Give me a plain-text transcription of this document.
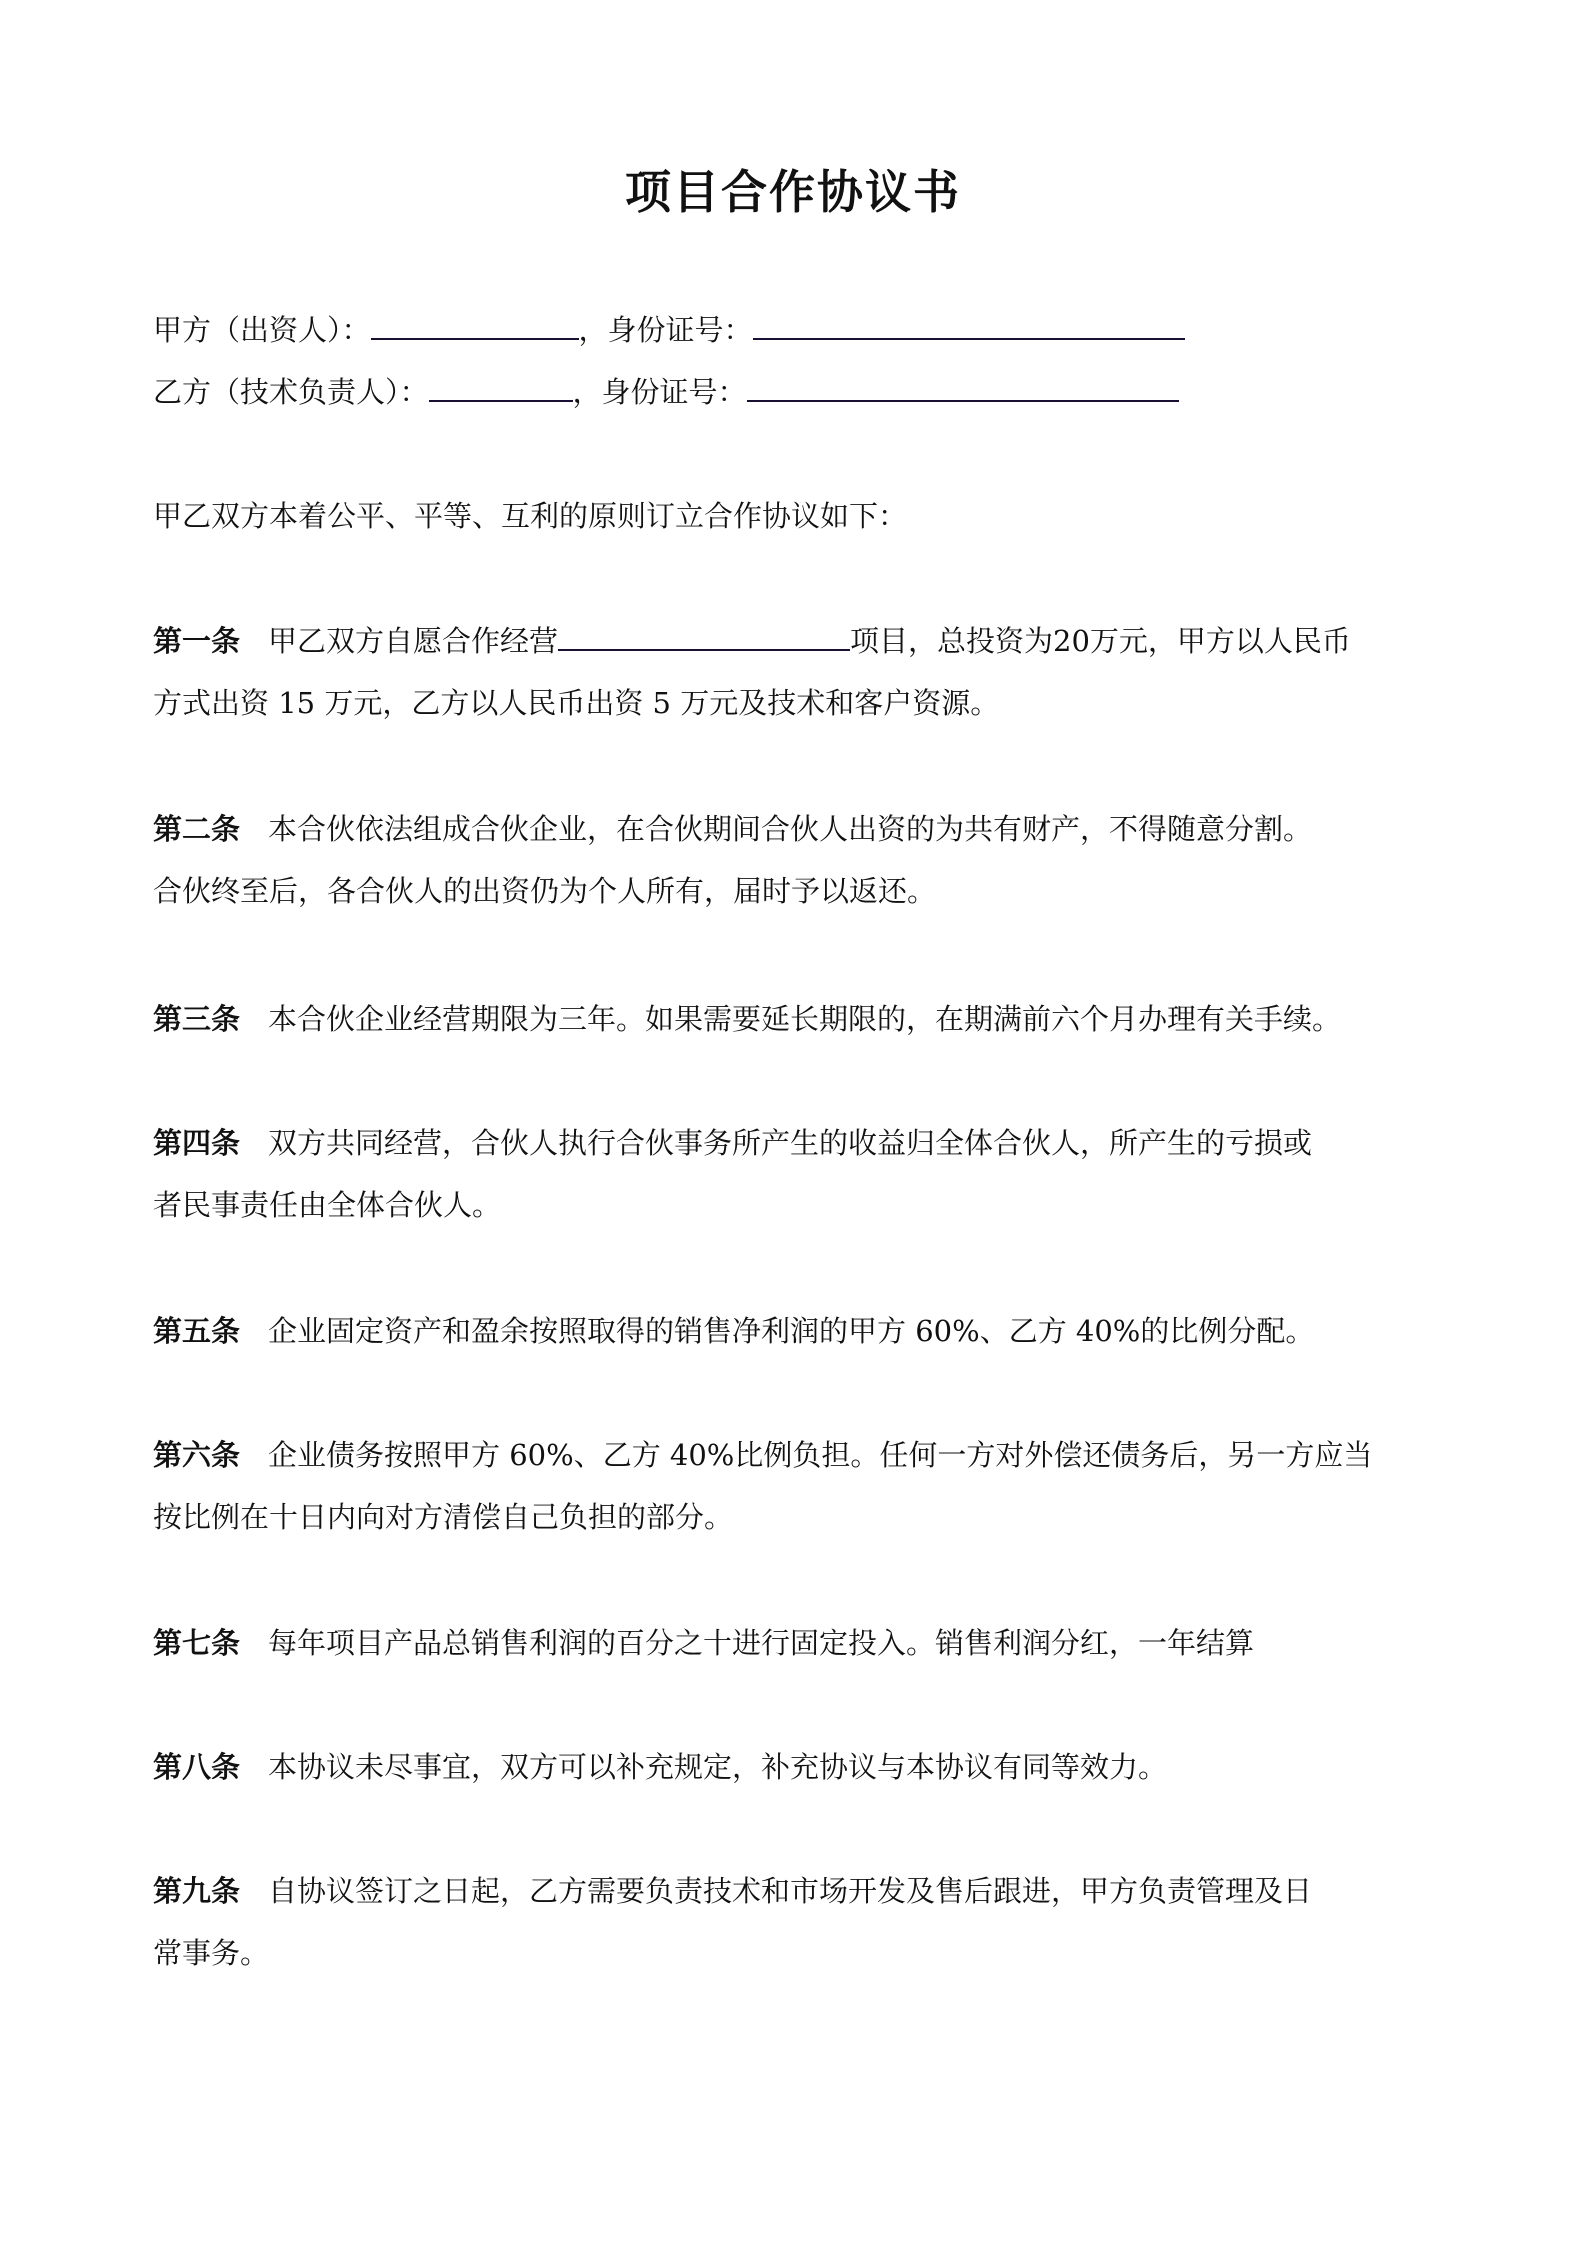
项目合作协议书
甲方（出资人）：	，身份证号：
乙方（技术负责人）：	，身份证号：
甲乙双方本着公平、平等、互利的原则订立合作协议如下：
第一条 甲乙双方自愿合作经营	项目，总投资为20万元，甲方以人民币
方式出资 15 万元，乙方以人民币出资 5 万元及技术和客户资源。
第二条 本合伙依法组成合伙企业，在合伙期间合伙人出资的为共有财产，不得随意分割。
合伙终至后，各合伙人的出资仍为个人所有，届时予以返还。
第三条 本合伙企业经营期限为三年。如果需要延长期限的，在期满前六个月办理有关手续。
第四条 双方共同经营，合伙人执行合伙事务所产生的收益归全体合伙人，所产生的亏损或
者民事责任由全体合伙人。
第五条 企业固定资产和盈余按照取得的销售净利润的甲方 60%、乙方 40%的比例分配。
第六条 企业债务按照甲方 60%、乙方 40%比例负担。任何一方对外偿还债务后，另一方应当
按比例在十日内向对方清偿自己负担的部分。
第七条 每年项目产品总销售利润的百分之十进行固定投入。销售利润分红，一年结算
第八条 本协议未尽事宜，双方可以补充规定，补充协议与本协议有同等效力。
第九条 自协议签订之日起，乙方需要负责技术和市场开发及售后跟进，甲方负责管理及日
常事务。
